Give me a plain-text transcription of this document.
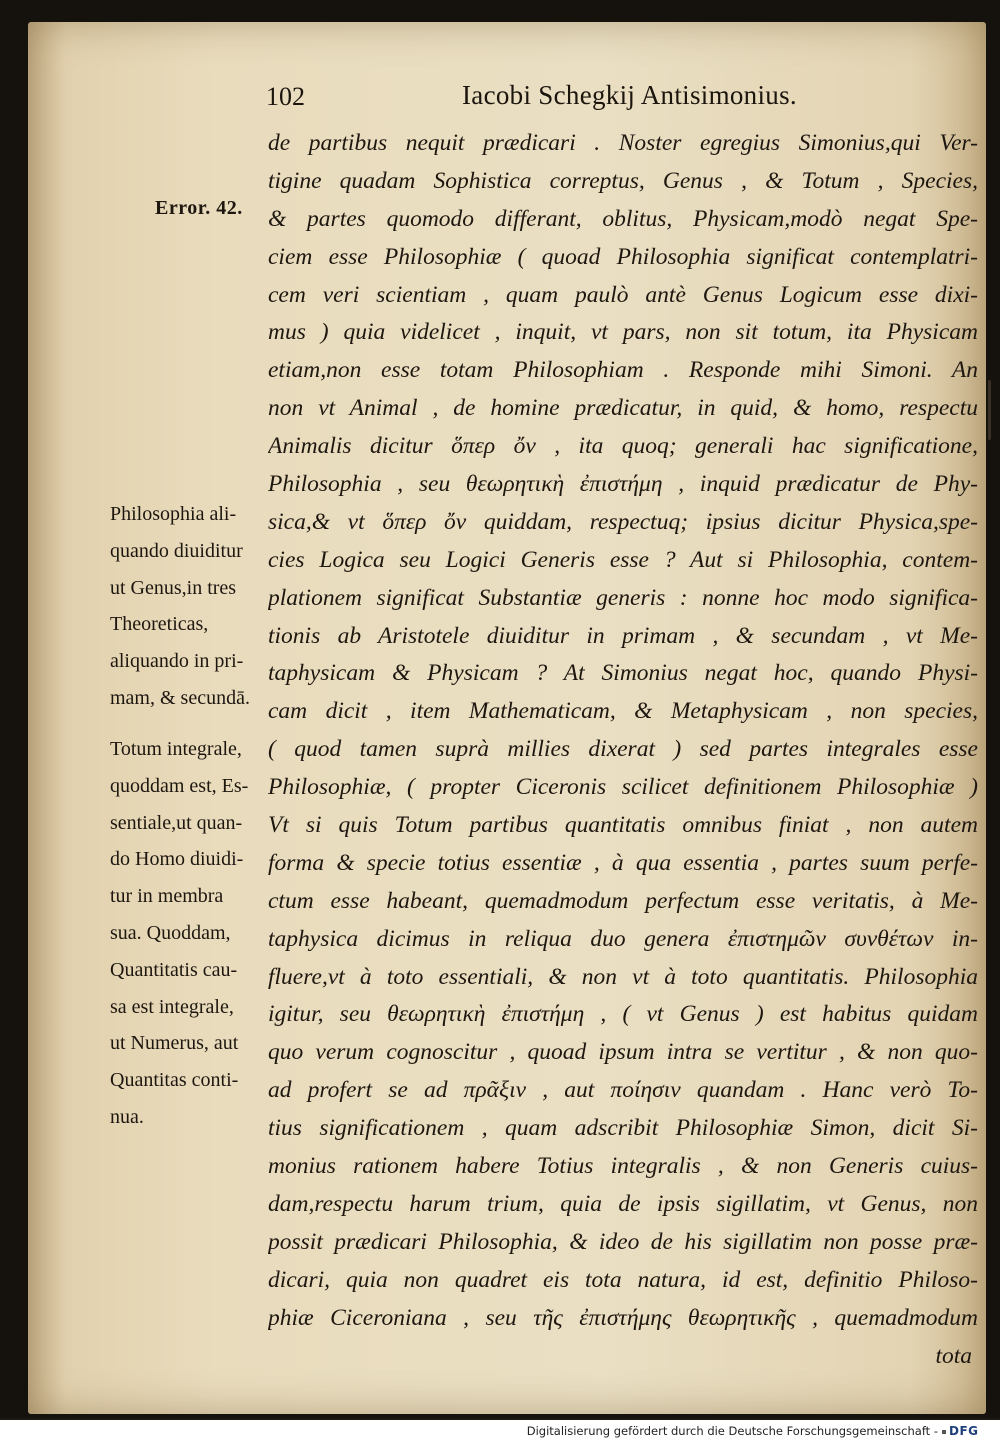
102	Iacobi Schegkij Antisimonius.
Error. 42.
Philosophia ali-
quando diuiditur
ut Genus,in tres
Theoreticas,
aliquando in pri-
mam, & secundā.
Totum integrale,
quoddam est, Es-
sentiale,ut quan-
do Homo diuidi-
tur in membra
sua. Quoddam,
Quantitatis cau-
sa est integrale,
ut Numerus, aut
Quantitas conti-
nua.
de partibus nequit prædicari . Noster egregius Simonius,qui Ver-
tigine quadam Sophistica correptus, Genus , & Totum , Species,
& partes quomodo differant, oblitus, Physicam,modò negat Spe-
ciem esse Philosophiæ ( quoad Philosophia significat contemplatri-
cem veri scientiam , quam paulò antè Genus Logicum esse dixi-
mus ) quia videlicet , inquit, vt pars, non sit totum, ita Physicam
etiam,non esse totam Philosophiam . Responde mihi Simoni. An
non vt Animal , de homine prædicatur, in quid, & homo, respectu
Animalis dicitur ὅπερ ὄν , ita quoq; generali hac significatione,
Philosophia , seu θεωρητικὴ ἐπιστήμη , inquid prædicatur de Phy-
sica,& vt ὅπερ ὄν quiddam, respectuq; ipsius dicitur Physica,spe-
cies Logica seu Logici Generis esse ? Aut si Philosophia, contem-
plationem significat Substantiæ generis : nonne hoc modo significa-
tionis ab Aristotele diuiditur in primam , & secundam , vt Me-
taphysicam & Physicam ? At Simonius negat hoc, quando Physi-
cam dicit , item Mathematicam, & Metaphysicam , non species,
( quod tamen suprà millies dixerat ) sed partes integrales esse
Philosophiæ, ( propter Ciceronis scilicet definitionem Philosophiæ )
Vt si quis Totum partibus quantitatis omnibus finiat , non autem
forma & specie totius essentiæ , à qua essentia , partes suum perfe-
ctum esse habeant, quemadmodum perfectum esse veritatis, à Me-
taphysica dicimus in reliqua duo genera ἐπιστημῶν συνθέτων in-
fluere,vt à toto essentiali, & non vt à toto quantitatis. Philosophia
igitur, seu θεωρητικὴ ἐπιστήμη , ( vt Genus ) est habitus quidam
quo verum cognoscitur , quoad ipsum intra se vertitur , & non quo-
ad profert se ad πρᾶξιν , aut ποίησιν quandam . Hanc verò To-
tius significationem , quam adscribit Philosophiæ Simon, dicit Si-
monius rationem habere Totius integralis , & non Generis cuius-
dam,respectu harum trium, quia de ipsis sigillatim, vt Genus, non
possit prædicari Philosophia, & ideo de his sigillatim non posse præ-
dicari, quia non quadret eis tota natura, id est, definitio Philoso-
phiæ Ciceroniana , seu τῆς ἐπιστήμης θεωρητικῆς , quemadmodum
tota
Digitalisierung gefördert durch die Deutsche Forschungsgemeinschaft - DFG
